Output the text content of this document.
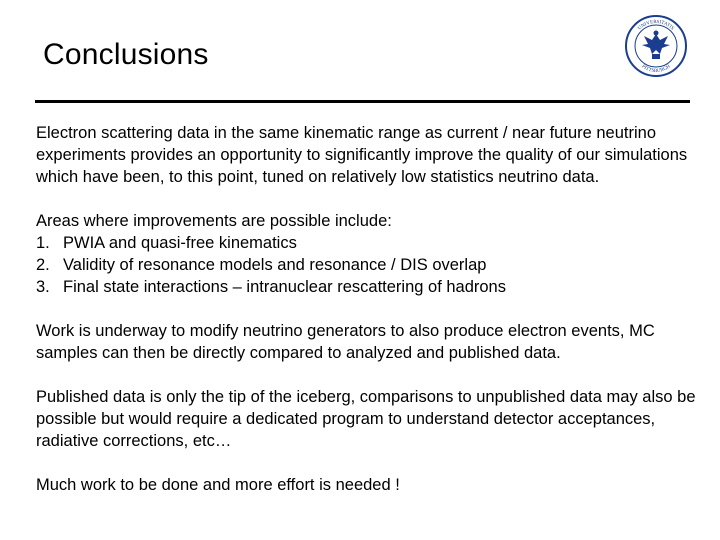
Conclusions
UNIVERSITATIS
PITTSBURGH

Electron scattering data in the same kinematic range as current / near future neutrino experiments provides an opportunity to significantly improve the quality of our simulations which have been, to this point, tuned on relatively low statistics neutrino data.

Areas where improvements are possible include:

1. PWIA and quasi-free kinematics
2. Validity of resonance models and resonance / DIS overlap
3. Final state interactions – intranuclear rescattering of hadrons

Work is underway to modify neutrino generators to also produce electron events, MC samples can then be directly compared to analyzed and published data.

Published data is only the tip of the iceberg, comparisons to unpublished data may also be possible but would require a dedicated program to understand detector acceptances, radiative corrections, etc…

Much work to be done and more effort is needed !
